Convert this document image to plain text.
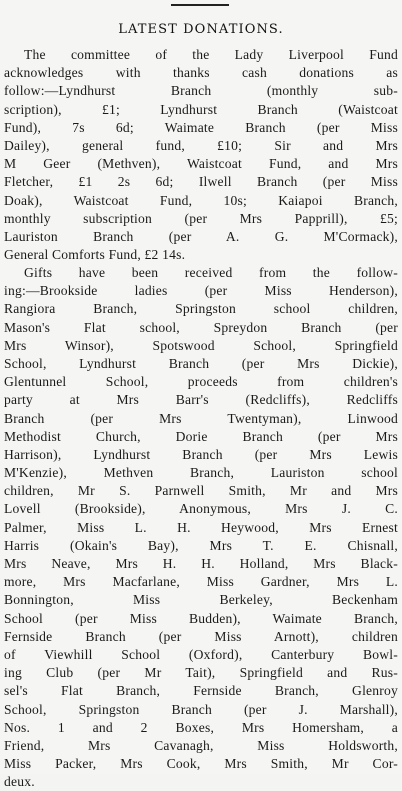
LATEST DONATIONS.
The committee of the Lady Liverpool Fund
acknowledges with thanks cash donations as
follow:—Lyndhurst Branch (monthly sub-
scription), £1; Lyndhurst Branch (Waistcoat
Fund), 7s 6d; Waimate Branch (per Miss
Dailey), general fund, £10; Sir and Mrs
M Geer (Methven), Waistcoat Fund, and Mrs
Fletcher, £1 2s 6d; Ilwell Branch (per Miss
Doak), Waistcoat Fund, 10s; Kaiapoi Branch,
monthly subscription (per Mrs Papprill), £5;
Lauriston Branch (per A. G. M'Cormack),
General Comforts Fund, £2 14s.
Gifts have been received from the follow-
ing:—Brookside ladies (per Miss Henderson),
Rangiora Branch, Springston school children,
Mason's Flat school, Spreydon Branch (per
Mrs Winsor), Spotswood School, Springfield
School, Lyndhurst Branch (per Mrs Dickie),
Glentunnel School, proceeds from children's
party at Mrs Barr's (Redcliffs), Redcliffs
Branch (per Mrs Twentyman), Linwood
Methodist Church, Dorie Branch (per Mrs
Harrison), Lyndhurst Branch (per Mrs Lewis
M'Kenzie), Methven Branch, Lauriston school
children, Mr S. Parnwell Smith, Mr and Mrs
Lovell (Brookside), Anonymous, Mrs J. C.
Palmer, Miss L. H. Heywood, Mrs Ernest
Harris (Okain's Bay), Mrs T. E. Chisnall,
Mrs Neave, Mrs H. H. Holland, Mrs Black-
more, Mrs Macfarlane, Miss Gardner, Mrs L.
Bonnington, Miss Berkeley, Beckenham
School (per Miss Budden), Waimate Branch,
Fernside Branch (per Miss Arnott), children
of Viewhill School (Oxford), Canterbury Bowl-
ing Club (per Mr Tait), Springfield and Rus-
sel's Flat Branch, Fernside Branch, Glenroy
School, Springston Branch (per J. Marshall),
Nos. 1 and 2 Boxes, Mrs Homersham, a
Friend, Mrs Cavanagh, Miss Holdsworth,
Miss Packer, Mrs Cook, Mrs Smith, Mr Cor-
deux.
